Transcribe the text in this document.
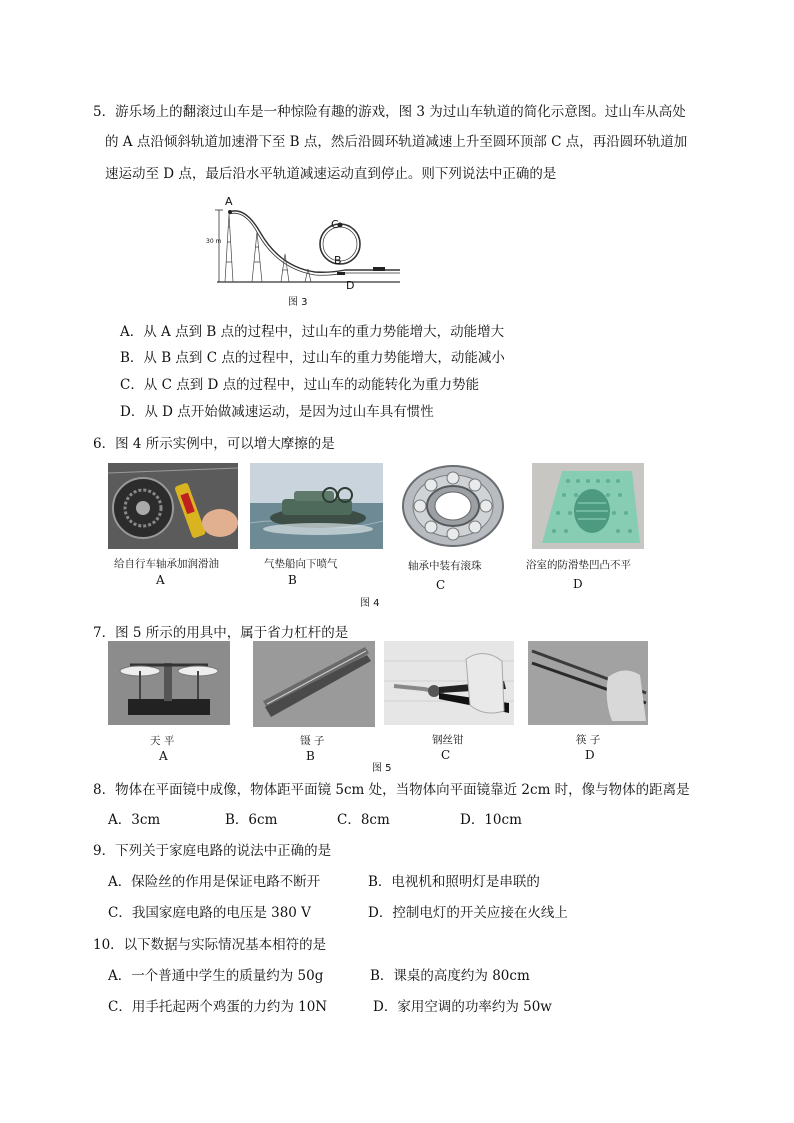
5．游乐场上的翻滚过山车是一种惊险有趣的游戏，图 3 为过山车轨道的简化示意图。过山车从高处
的 A 点沿倾斜轨道加速滑下至 B 点，然后沿圆环轨道减速上升至圆环顶部 C 点，再沿圆环轨道加
速运动至 D 点，最后沿水平轨道减速运动直到停止。则下列说法中正确的是
A
C
B
D
30 m
图 3
A．从 A 点到 B 点的过程中，过山车的重力势能增大，动能增大
B．从 B 点到 C 点的过程中，过山车的重力势能增大，动能减小
C．从 C 点到 D 点的过程中，过山车的动能转化为重力势能
D．从 D 点开始做减速运动，是因为过山车具有惯性
6．图 4 所示实例中，可以增大摩擦的是
给自行车轴承加润滑油
A
气垫船向下喷气
B
轴承中装有滚珠
C
浴室的防滑垫凹凸不平
D
图 4
7．图 5 所示的用具中，属于省力杠杆的是
天 平
A
镊 子
B
图 5
钢丝钳
C
筷 子
D
8．物体在平面镜中成像，物体距平面镜 5cm 处，当物体向平面镜靠近 2cm 时，像与物体的距离是
A．3cm	B．6cm	C．8cm	D．10cm
9．下列关于家庭电路的说法中正确的是
A．保险丝的作用是保证电路不断开	B．电视机和照明灯是串联的
C．我国家庭电路的电压是 380 V	D．控制电灯的开关应接在火线上
10．以下数据与实际情况基本相符的是
A．一个普通中学生的质量约为 50g	B．课桌的高度约为 80cm
C．用手托起两个鸡蛋的力约为 10N	D．家用空调的功率约为 50w
